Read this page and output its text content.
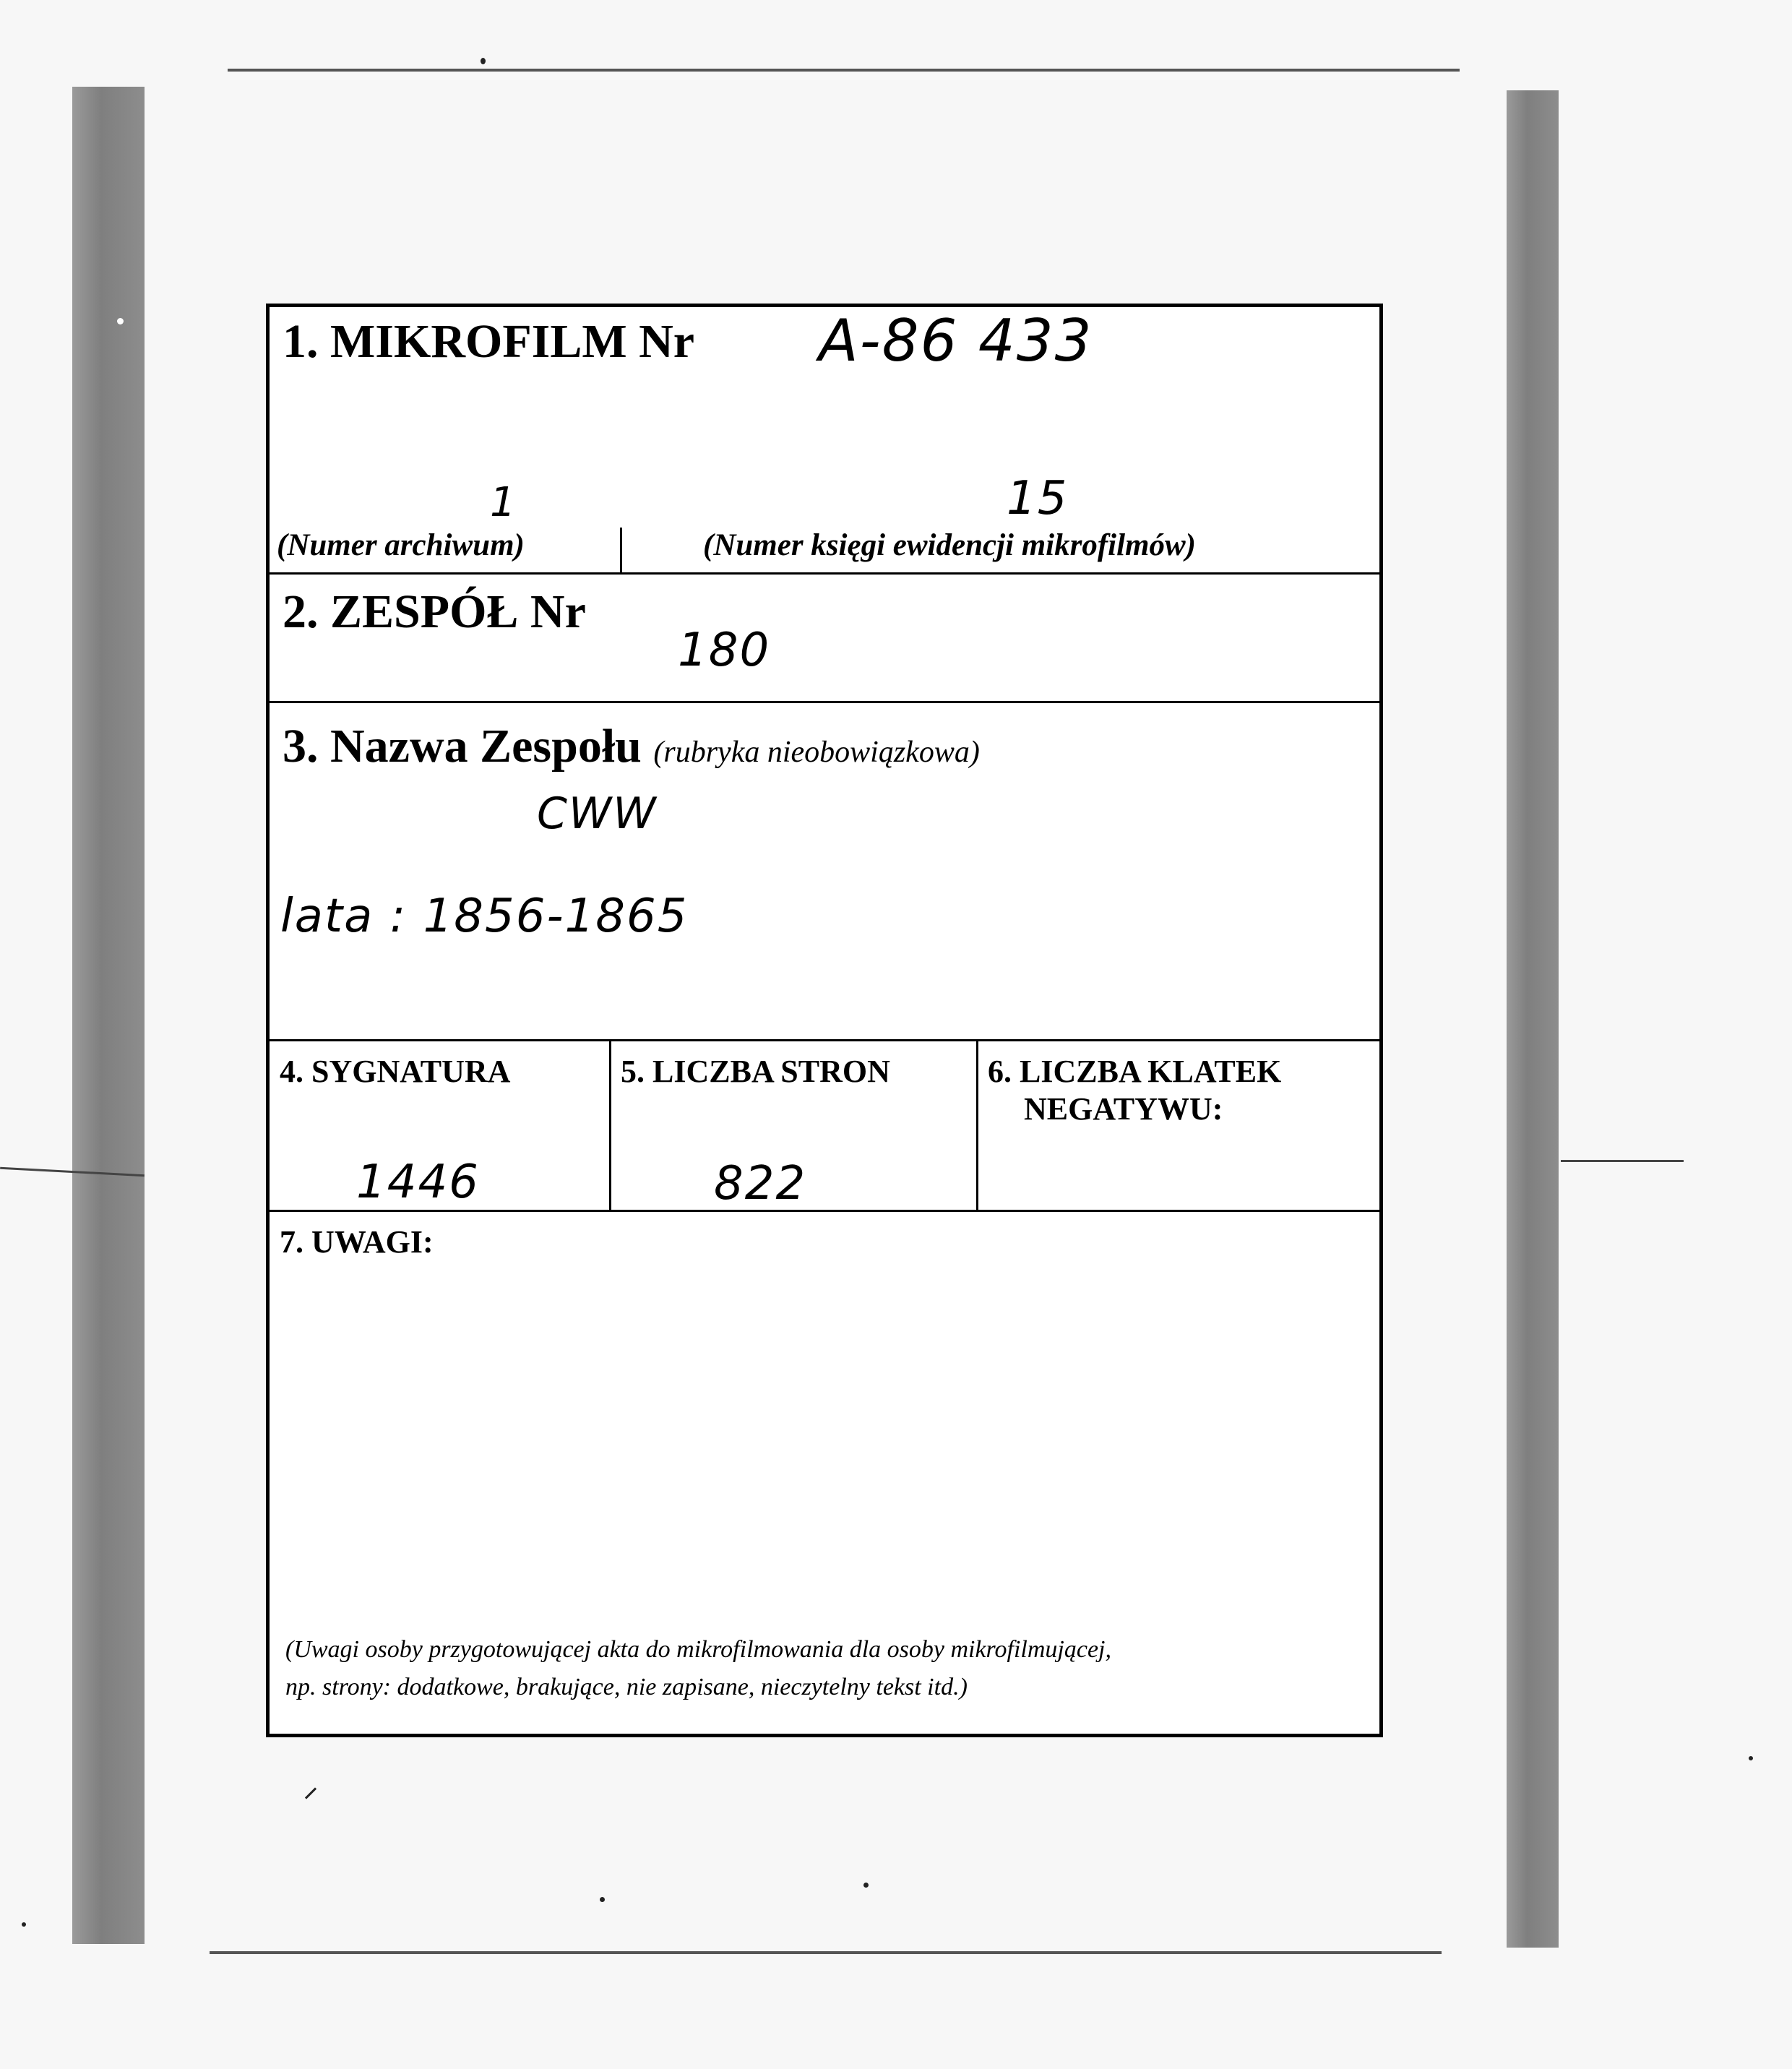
1. MIKROFILM Nr A-86 433
1	15
(Numer archiwum)	(Numer księgi ewidencji mikrofilmów)
2. ZESPÓŁ Nr
180
3. Nazwa Zespołu (rubryka nieobowiązkowa)
CWW
lata : 1856-1865
4. SYGNATURA
1446
5. LICZBA STRON
822
6. LICZBA KLATEK
NEGATYWU:
7. UWAGI:
(Uwagi osoby przygotowującej akta do mikrofilmowania dla osoby mikrofilmującej,
np. strony: dodatkowe, brakujące, nie zapisane, nieczytelny tekst itd.)
